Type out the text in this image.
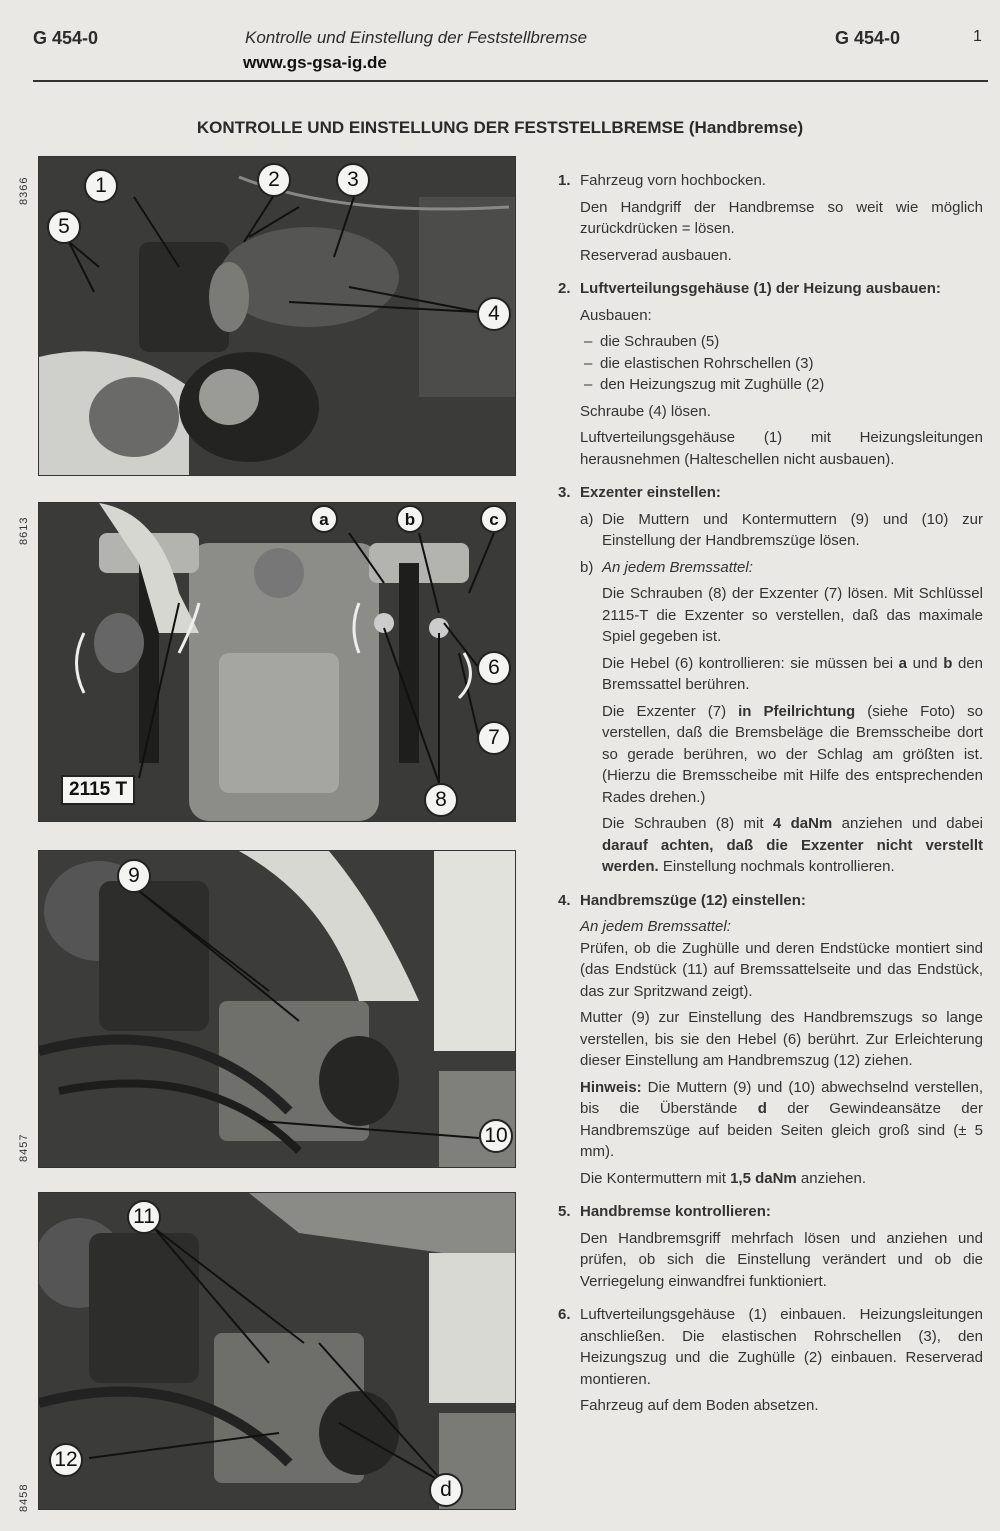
G 454-0	Kontrolle und Einstellung der Feststellbremse	G 454-0	1
www.gs-gsa-ig.de
KONTROLLE UND EINSTELLUNG DER FESTSTELLBREMSE (Handbremse)
8366
8613
8457
8458
1	2	3
4
5
a	b	c
6
7
8
2115 T
9
10
11
12
d
1. Fahrzeug vorn hochbocken.

Den Handgriff der Handbremse so weit wie möglich zurückdrücken = lösen.

Reserverad ausbauen.

2. Luftverteilungsgehäuse (1) der Heizung ausbauen:

Ausbauen:

– die Schrauben (5)
– die elastischen Rohrschellen (3)
– den Heizungszug mit Zughülle (2)

Schraube (4) lösen.

Luftverteilungsgehäuse (1) mit Heizungsleitungen herausnehmen (Halteschellen nicht ausbauen).

3. Exzenter einstellen:

a) Die Muttern und Kontermuttern (9) und (10) zur Einstellung der Handbremszüge lösen.

b) An jedem Bremssattel:

Die Schrauben (8) der Exzenter (7) lösen. Mit Schlüssel 2115-T die Exzenter so verstellen, daß das maximale Spiel gegeben ist.

Die Hebel (6) kontrollieren: sie müssen bei a und b den Bremssattel berühren.

Die Exzenter (7) in Pfeilrichtung (siehe Foto) so verstellen, daß die Bremsbeläge die Bremsscheibe dort so gerade berühren, wo der Schlag am größten ist. (Hierzu die Bremsscheibe mit Hilfe des entsprechenden Rades drehen.)

Die Schrauben (8) mit 4 daNm anziehen und dabei darauf achten, daß die Exzenter nicht verstellt werden. Einstellung nochmals kontrollieren.

4. Handbremszüge (12) einstellen:

An jedem Bremssattel:

Prüfen, ob die Zughülle und deren Endstücke montiert sind (das Endstück (11) auf Bremssattelseite und das Endstück, das zur Spritzwand zeigt).

Mutter (9) zur Einstellung des Handbremszugs so lange verstellen, bis sie den Hebel (6) berührt. Zur Erleichterung dieser Einstellung am Handbremszug (12) ziehen.

Hinweis: Die Muttern (9) und (10) abwechselnd verstellen, bis die Überstände d der Gewindeansätze der Handbremszüge auf beiden Seiten gleich groß sind (± 5 mm).

Die Kontermuttern mit 1,5 daNm anziehen.

5. Handbremse kontrollieren:

Den Handbremsgriff mehrfach lösen und anziehen und prüfen, ob sich die Einstellung verändert und ob die Verriegelung einwandfrei funktioniert.

6. Luftverteilungsgehäuse (1) einbauen. Heizungsleitungen anschließen. Die elastischen Rohrschellen (3), den Heizungszug und die Zughülle (2) einbauen. Reserverad montieren.

Fahrzeug auf dem Boden absetzen.
